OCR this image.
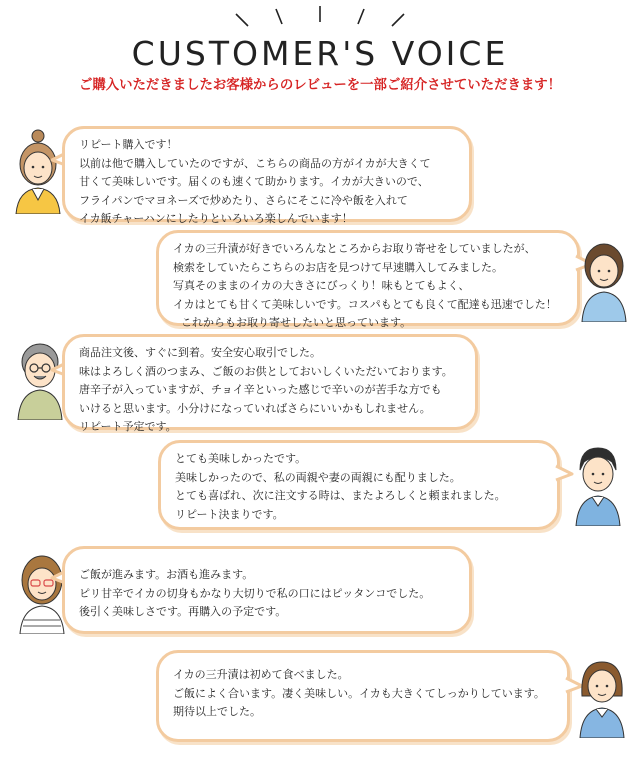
CUSTOMER'S VOICE
ご購入いただきましたお客様からのレビューを一部ご紹介させていただきます！
リピート購入です！
以前は他で購入していたのですが、こちらの商品の方がイカが大きくて
甘くて美味しいです。届くのも速くて助かります。イカが大きいので、
フライパンでマヨネーズで炒めたり、さらにそこに冷や飯を入れて
イカ飯チャーハンにしたりといろいろ楽しんでいます！
イカの三升漬が好きでいろんなところからお取り寄せをしていましたが、
検索をしていたらこちらのお店を見つけて早速購入してみました。
写真そのままのイカの大きさにびっくり！味もとてもよく、
イカはとても甘くて美味しいです。コスパもとても良くて配達も迅速でした！
これからもお取り寄せしたいと思っています。
商品注文後、すぐに到着。安全安心取引でした。
味はよろしく酒のつまみ、ご飯のお供としておいしくいただいております。
唐辛子が入っていますが、チョイ辛といった感じで辛いのが苦手な方でも
いけると思います。小分けになっていればさらにいいかもしれません。
リピート予定です。
とても美味しかったです。
美味しかったので、私の両親や妻の両親にも配りました。
とても喜ばれ、次に注文する時は、またよろしくと頼まれました。
リピート決まりです。
ご飯が進みます。お酒も進みます。
ピリ甘辛でイカの切身もかなり大切りで私の口にはピッタンコでした。
後引く美味しさです。再購入の予定です。
イカの三升漬は初めて食べました。
ご飯によく合います。凄く美味しい。イカも大きくてしっかりしています。
期待以上でした。
